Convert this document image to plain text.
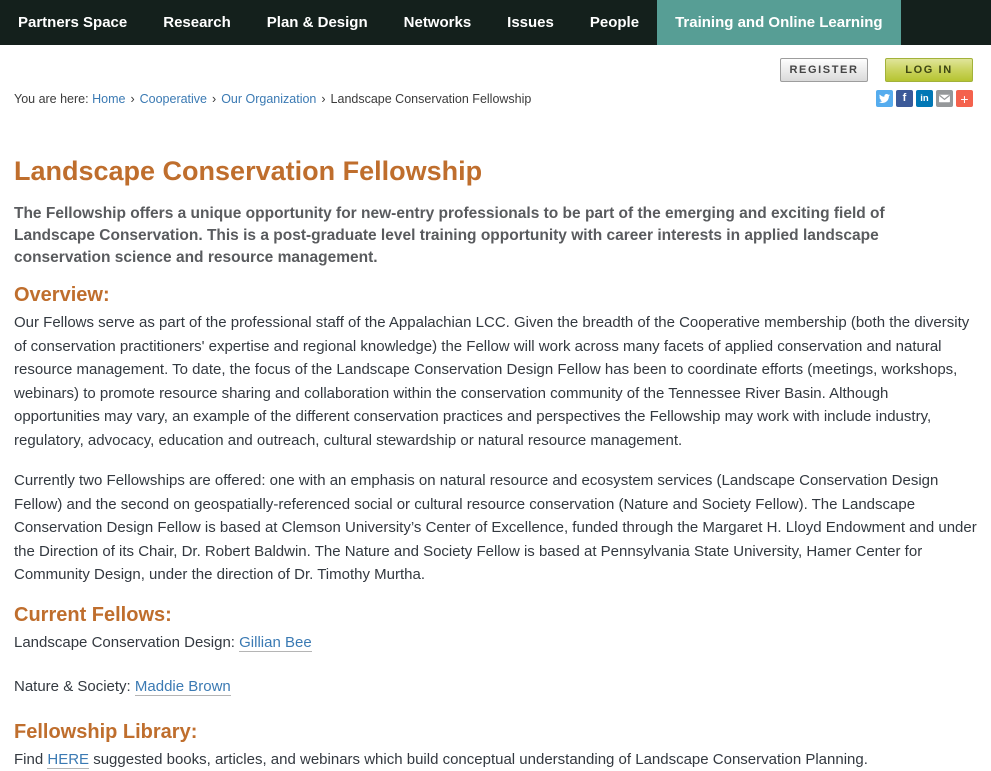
Partners Space	Research	Plan & Design	Networks	Issues	People	Training and Online Learning
REGISTER	LOG IN
You are here: Home › Cooperative › Our Organization › Landscape Conservation Fellowship	f	in	+
Landscape Conservation Fellowship

The Fellowship offers a unique opportunity for new-entry professionals to be part of the emerging and exciting field of Landscape Conservation. This is a post-graduate level training opportunity with career interests in applied landscape conservation science and resource management.

Overview:

Our Fellows serve as part of the professional staff of the Appalachian LCC. Given the breadth of the Cooperative membership (both the diversity of conservation practitioners' expertise and regional knowledge) the Fellow will work across many facets of applied conservation and natural resource management. To date, the focus of the Landscape Conservation Design Fellow has been to coordinate efforts (meetings, workshops, webinars) to promote resource sharing and collaboration within the conservation community of the Tennessee River Basin. Although opportunities may vary, an example of the different conservation practices and perspectives the Fellowship may work with include industry, regulatory, advocacy, education and outreach, cultural stewardship or natural resource management.

Currently two Fellowships are offered: one with an emphasis on natural resource and ecosystem services (Landscape Conservation Design Fellow) and the second on geospatially-referenced social or cultural resource conservation (Nature and Society Fellow). The Landscape Conservation Design Fellow is based at Clemson University’s Center of Excellence, funded through the Margaret H. Lloyd Endowment and under the Direction of its Chair, Dr. Robert Baldwin. The Nature and Society Fellow is based at Pennsylvania State University, Hamer Center for Community Design, under the direction of Dr. Timothy Murtha.

Current Fellows:

Landscape Conservation Design: Gillian Bee

Nature & Society: Maddie Brown

Fellowship Library:

Find HERE suggested books, articles, and webinars which build conceptual understanding of Landscape Conservation Planning.
